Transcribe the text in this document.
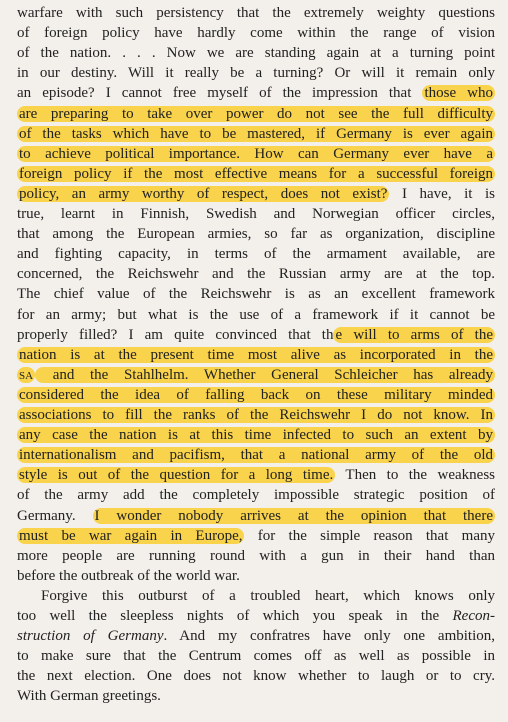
warfare with such persistency that the extremely weighty questions
of foreign policy have hardly come within the range of vision
of the nation. . . . Now we are standing again at a turning point
in our destiny. Will it really be a turning? Or will it remain only
an episode? I cannot free myself of the impression that those who
are preparing to take over power do not see the full difficulty
of the tasks which have to be mastered, if Germany is ever again
to achieve political importance. How can Germany ever have a
foreign policy if the most effective means for a successful foreign
policy, an army worthy of respect, does not exist? I have, it is
true, learnt in Finnish, Swedish and Norwegian officer circles,
that among the European armies, so far as organization, discipline
and fighting capacity, in terms of the armament available, are
concerned, the Reichswehr and the Russian army are at the top.
The chief value of the Reichswehr is as an excellent framework
for an army; but what is the use of a framework if it cannot be
properly filled? I am quite convinced that th e will to arms of the
nation is at the present time most alive as incorporated in the
sa and the Stahlhelm. Whether General Schleicher has already
considered the idea of falling back on these military minded
associations to fill the ranks of the Reichswehr I do not know. In
any case the nation is at this time infected to such an extent by
internationalism and pacifism, that a national army of the old
style is out of the question for a long time. Then to the weakness
of the army add the completely impossible strategic position of
Germany. I wonder nobody arrives at the opinion that there
must be war again in Europe, for the simple reason that many
more people are running round with a gun in their hand than
before the outbreak of the world war.
Forgive this outburst of a troubled heart, which knows only
too well the sleepless nights of which you speak in the Recon-
struction of Germany. And my confratres have only one ambition,
to make sure that the Centrum comes off as well as possible in
the next election. One does not know whether to laugh or to cry.
With German greetings.
